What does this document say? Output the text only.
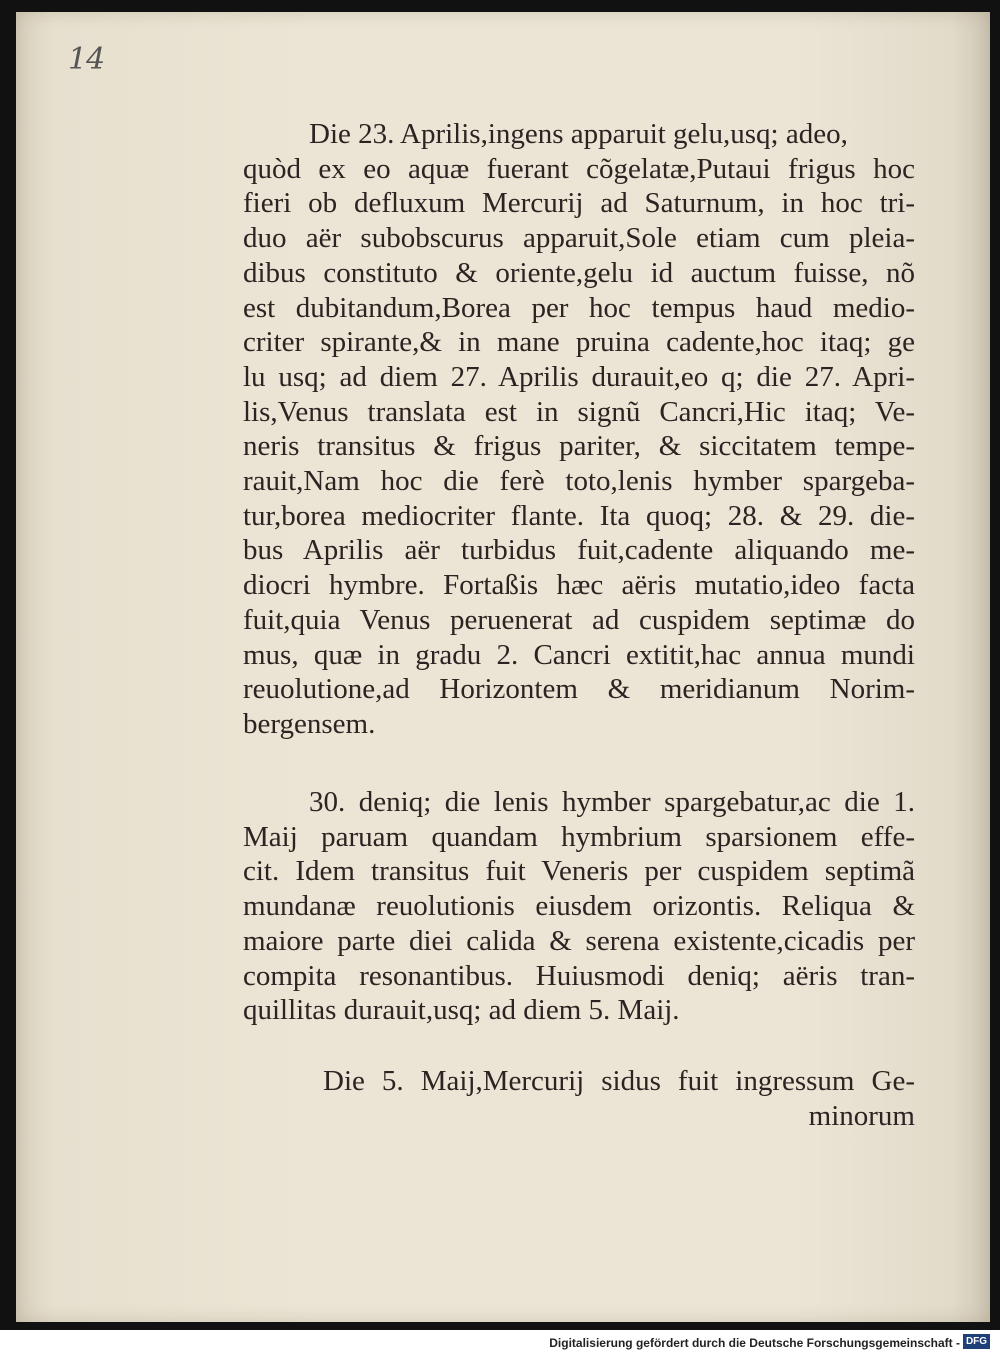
14
Die 23. Aprilis,ingens apparuit gelu,usq; adeo,
quòd ex eo aquæ fuerant cõgelatæ,Putaui frigus hoc
fieri ob defluxum Mercurij ad Saturnum, in hoc tri-
duo aër subobscurus apparuit,Sole etiam cum pleia-
dibus constituto & oriente,gelu id auctum fuisse, nõ
est dubitandum,Borea per hoc tempus haud medio-
criter spirante,& in mane pruina cadente,hoc itaq; ge
lu usq; ad diem 27. Aprilis durauit,eo q; die 27. Apri-
lis,Venus translata est in signũ Cancri,Hic itaq; Ve-
neris transitus & frigus pariter, & siccitatem tempe-
rauit,Nam hoc die ferè toto,lenis hymber spargeba-
tur,borea mediocriter flante. Ita quoq; 28. & 29. die-
bus Aprilis aër turbidus fuit,cadente aliquando me-
diocri hymbre. Fortaßis hæc aëris mutatio,ideo facta
fuit,quia Venus peruenerat ad cuspidem septimæ do
mus, quæ in gradu 2. Cancri extitit,hac annua mundi
reuolutione,ad Horizontem & meridianum Norim-
bergensem.
30. deniq; die lenis hymber spargebatur,ac die 1.
Maij paruam quandam hymbrium sparsionem effe-
cit. Idem transitus fuit Veneris per cuspidem septimã
mundanæ reuolutionis eiusdem orizontis. Reliqua &
maiore parte diei calida & serena existente,cicadis per
compita resonantibus. Huiusmodi deniq; aëris tran-
quillitas durauit,usq; ad diem 5. Maij.
Die 5. Maij,Mercurij sidus fuit ingressum Ge-
minorum
Digitalisierung gefördert durch die Deutsche Forschungsgemeinschaft - DFG
